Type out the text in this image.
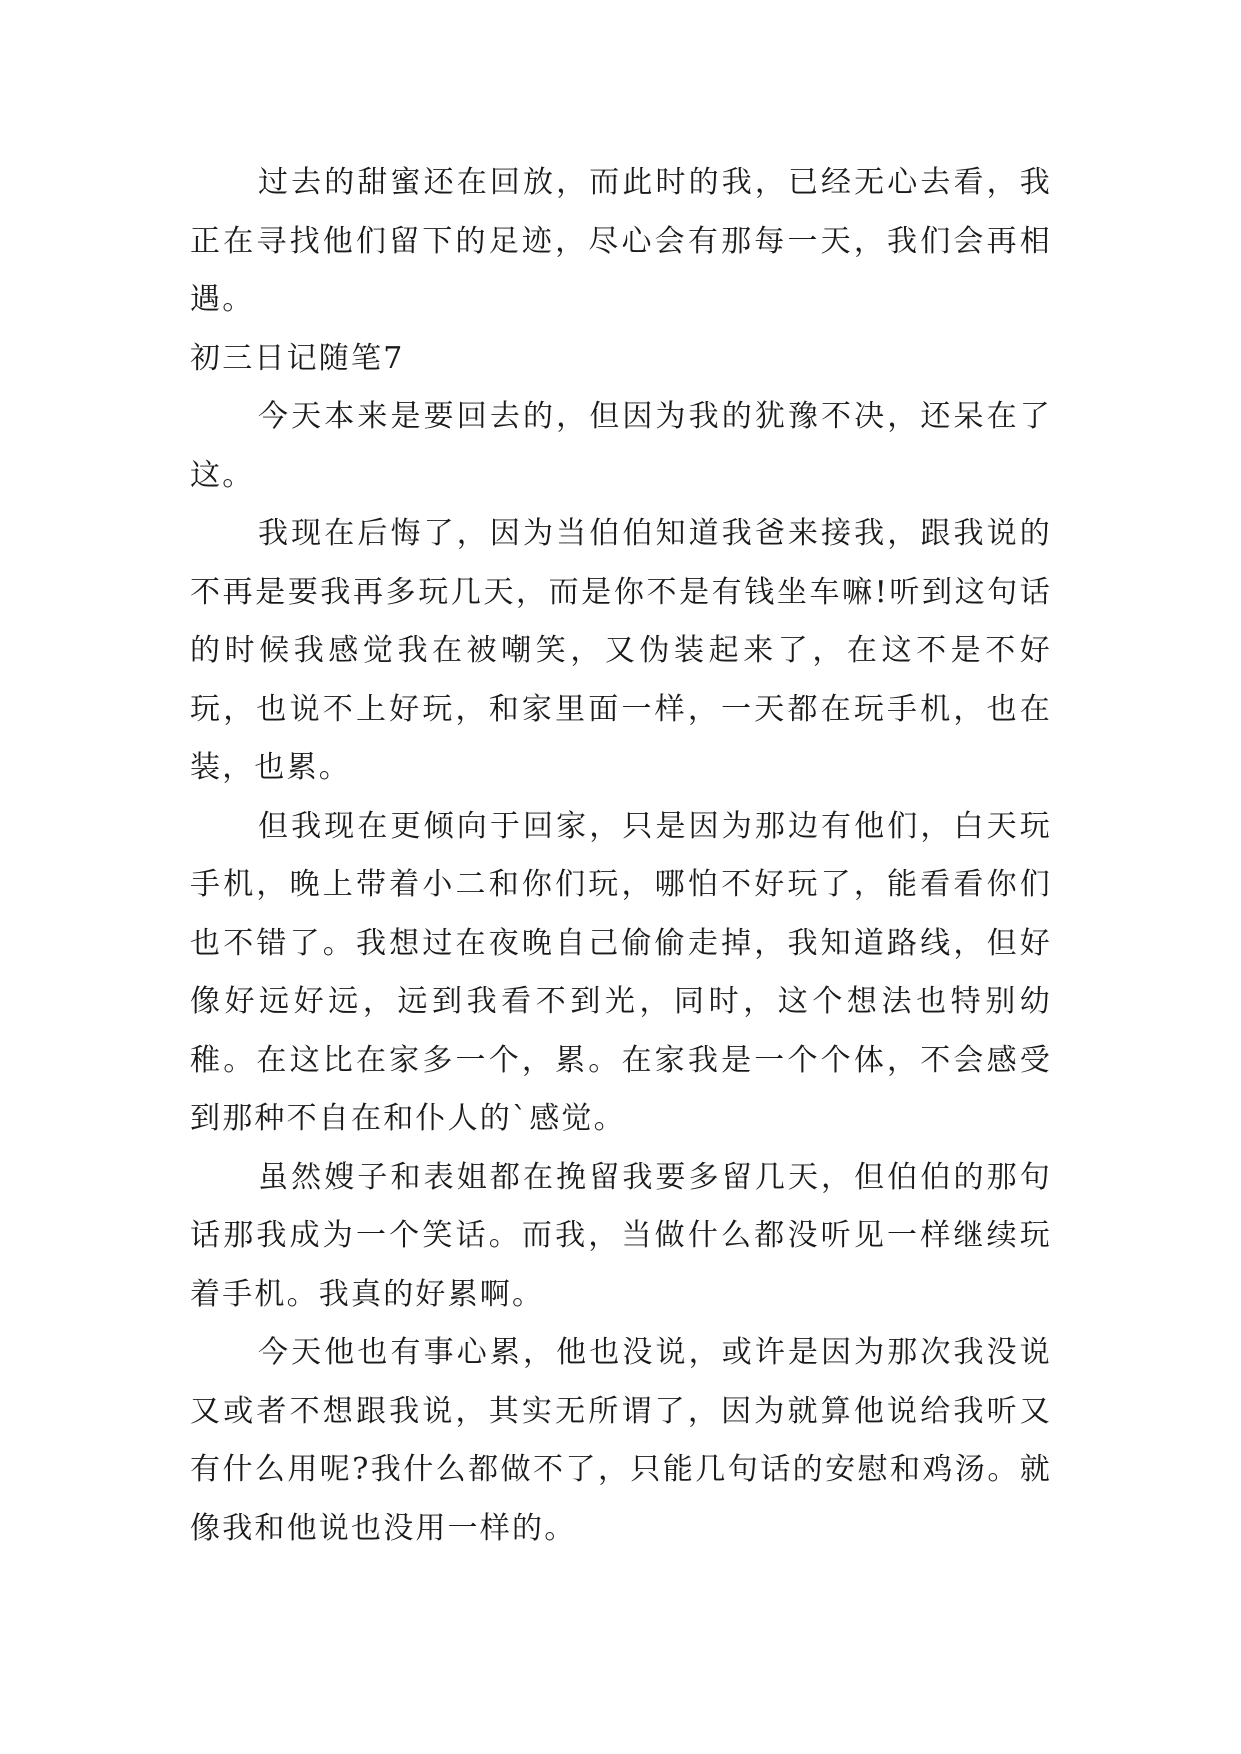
过去的甜蜜还在回放，而此时的我，已经无心去看，我正在寻找他们留下的足迹，尽心会有那每一天，我们会再相遇。

初三日记随笔7

今天本来是要回去的，但因为我的犹豫不决，还呆在了这。

我现在后悔了，因为当伯伯知道我爸来接我，跟我说的不再是要我再多玩几天，而是你不是有钱坐车嘛!听到这句话的时候我感觉我在被嘲笑，又伪装起来了，在这不是不好玩，也说不上好玩，和家里面一样，一天都在玩手机，也在装，也累。

但我现在更倾向于回家，只是因为那边有他们，白天玩手机，晚上带着小二和你们玩，哪怕不好玩了，能看看你们也不错了。我想过在夜晚自己偷偷走掉，我知道路线，但好像好远好远，远到我看不到光，同时，这个想法也特别幼稚。在这比在家多一个，累。在家我是一个个体，不会感受到那种不自在和仆人的`感觉。

虽然嫂子和表姐都在挽留我要多留几天，但伯伯的那句话那我成为一个笑话。而我，当做什么都没听见一样继续玩着手机。我真的好累啊。

今天他也有事心累，他也没说，或许是因为那次我没说又或者不想跟我说，其实无所谓了，因为就算他说给我听又有什么用呢?我什么都做不了，只能几句话的安慰和鸡汤。就像我和他说也没用一样的。
